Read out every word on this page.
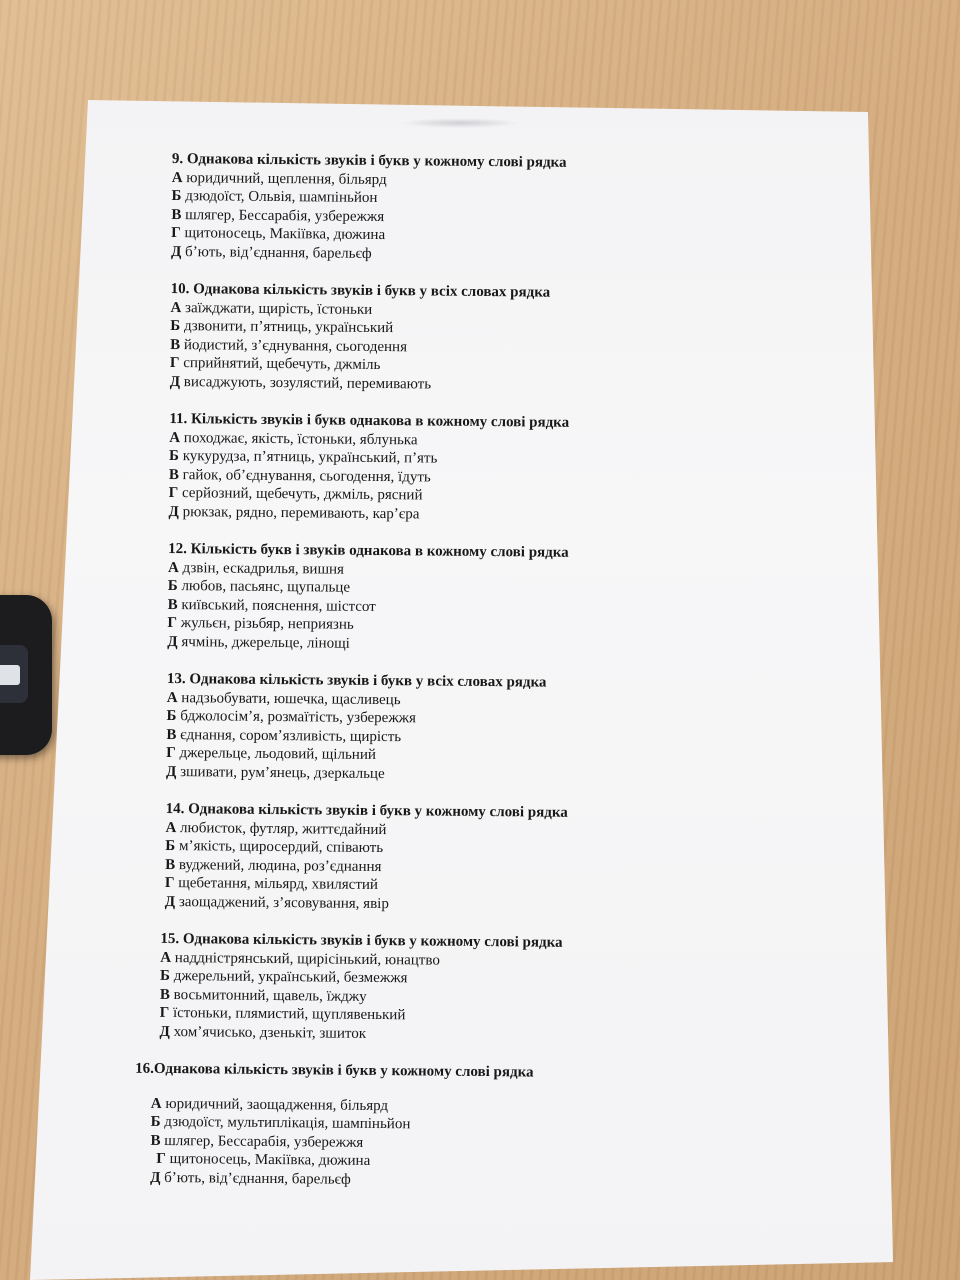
9. Однакова кількість звуків і букв у кожному слові рядка
А юридичний, щеплення, більярд
Б дзюдоїст, Ольвія, шампіньйон
В шлягер, Бессарабія, узбережжя
Г щитоносець, Макіївка, дюжина
Д б’ють, від’єднання, барельєф
10. Однакова кількість звуків і букв у всіх словах рядка
А заїжджати, щирість, їстоньки
Б дзвонити, п’ятниць, український
В йодистий, з’єднування, сьогодення
Г сприйнятий, щебечуть, джміль
Д висаджують, зозулястий, перемивають
11. Кількість звуків і букв однакова в кожному слові рядка
А походжає, якість, їстоньки, яблунька
Б кукурудза, п’ятниць, український, п’ять
В гайок, об’єднування, сьогодення, їдуть
Г серйозний, щебечуть, джміль, рясний
Д рюкзак, рядно, перемивають, кар’єра
12. Кількість букв і звуків однакова в кожному слові рядка
А дзвін, ескадрилья, вишня
Б любов, пасьянс, щупальце
В київський, пояснення, шістсот
Г жульєн, різьбяр, неприязнь
Д ячмінь, джерельце, лінощі
13. Однакова кількість звуків і букв у всіх словах рядка
А надзьобувати, юшечка, щасливець
Б бджолосім’я, розмаїтість, узбережжя
В єднання, сором’язливість, щирість
Г джерельце, льодовий, щільний
Д зшивати, рум’янець, дзеркальце
14. Однакова кількість звуків і букв у кожному слові рядка
А любисток, футляр, життєдайний
Б м’якість, щиросердий, співають
В вуджений, людина, роз’єднання
Г щебетання, мільярд, хвилястий
Д заощаджений, з’ясовування, явір
15. Однакова кількість звуків і букв у кожному слові рядка
А наддністрянський, щирісінький, юнацтво
Б джерельний, український, безмежжя
В восьмитонний, щавель, їжджу
Г їстоньки, плямистий, щуплявенький
Д хом’ячисько, дзенькіт, зшиток
16.Однакова кількість звуків і букв у кожному слові рядка
А юридичний, заощадження, більярд
Б дзюдоїст, мультиплікація, шампіньйон
В шлягер, Бессарабія, узбережжя
Г щитоносець, Макіївка, дюжина
Д б’ють, від’єднання, барельєф
